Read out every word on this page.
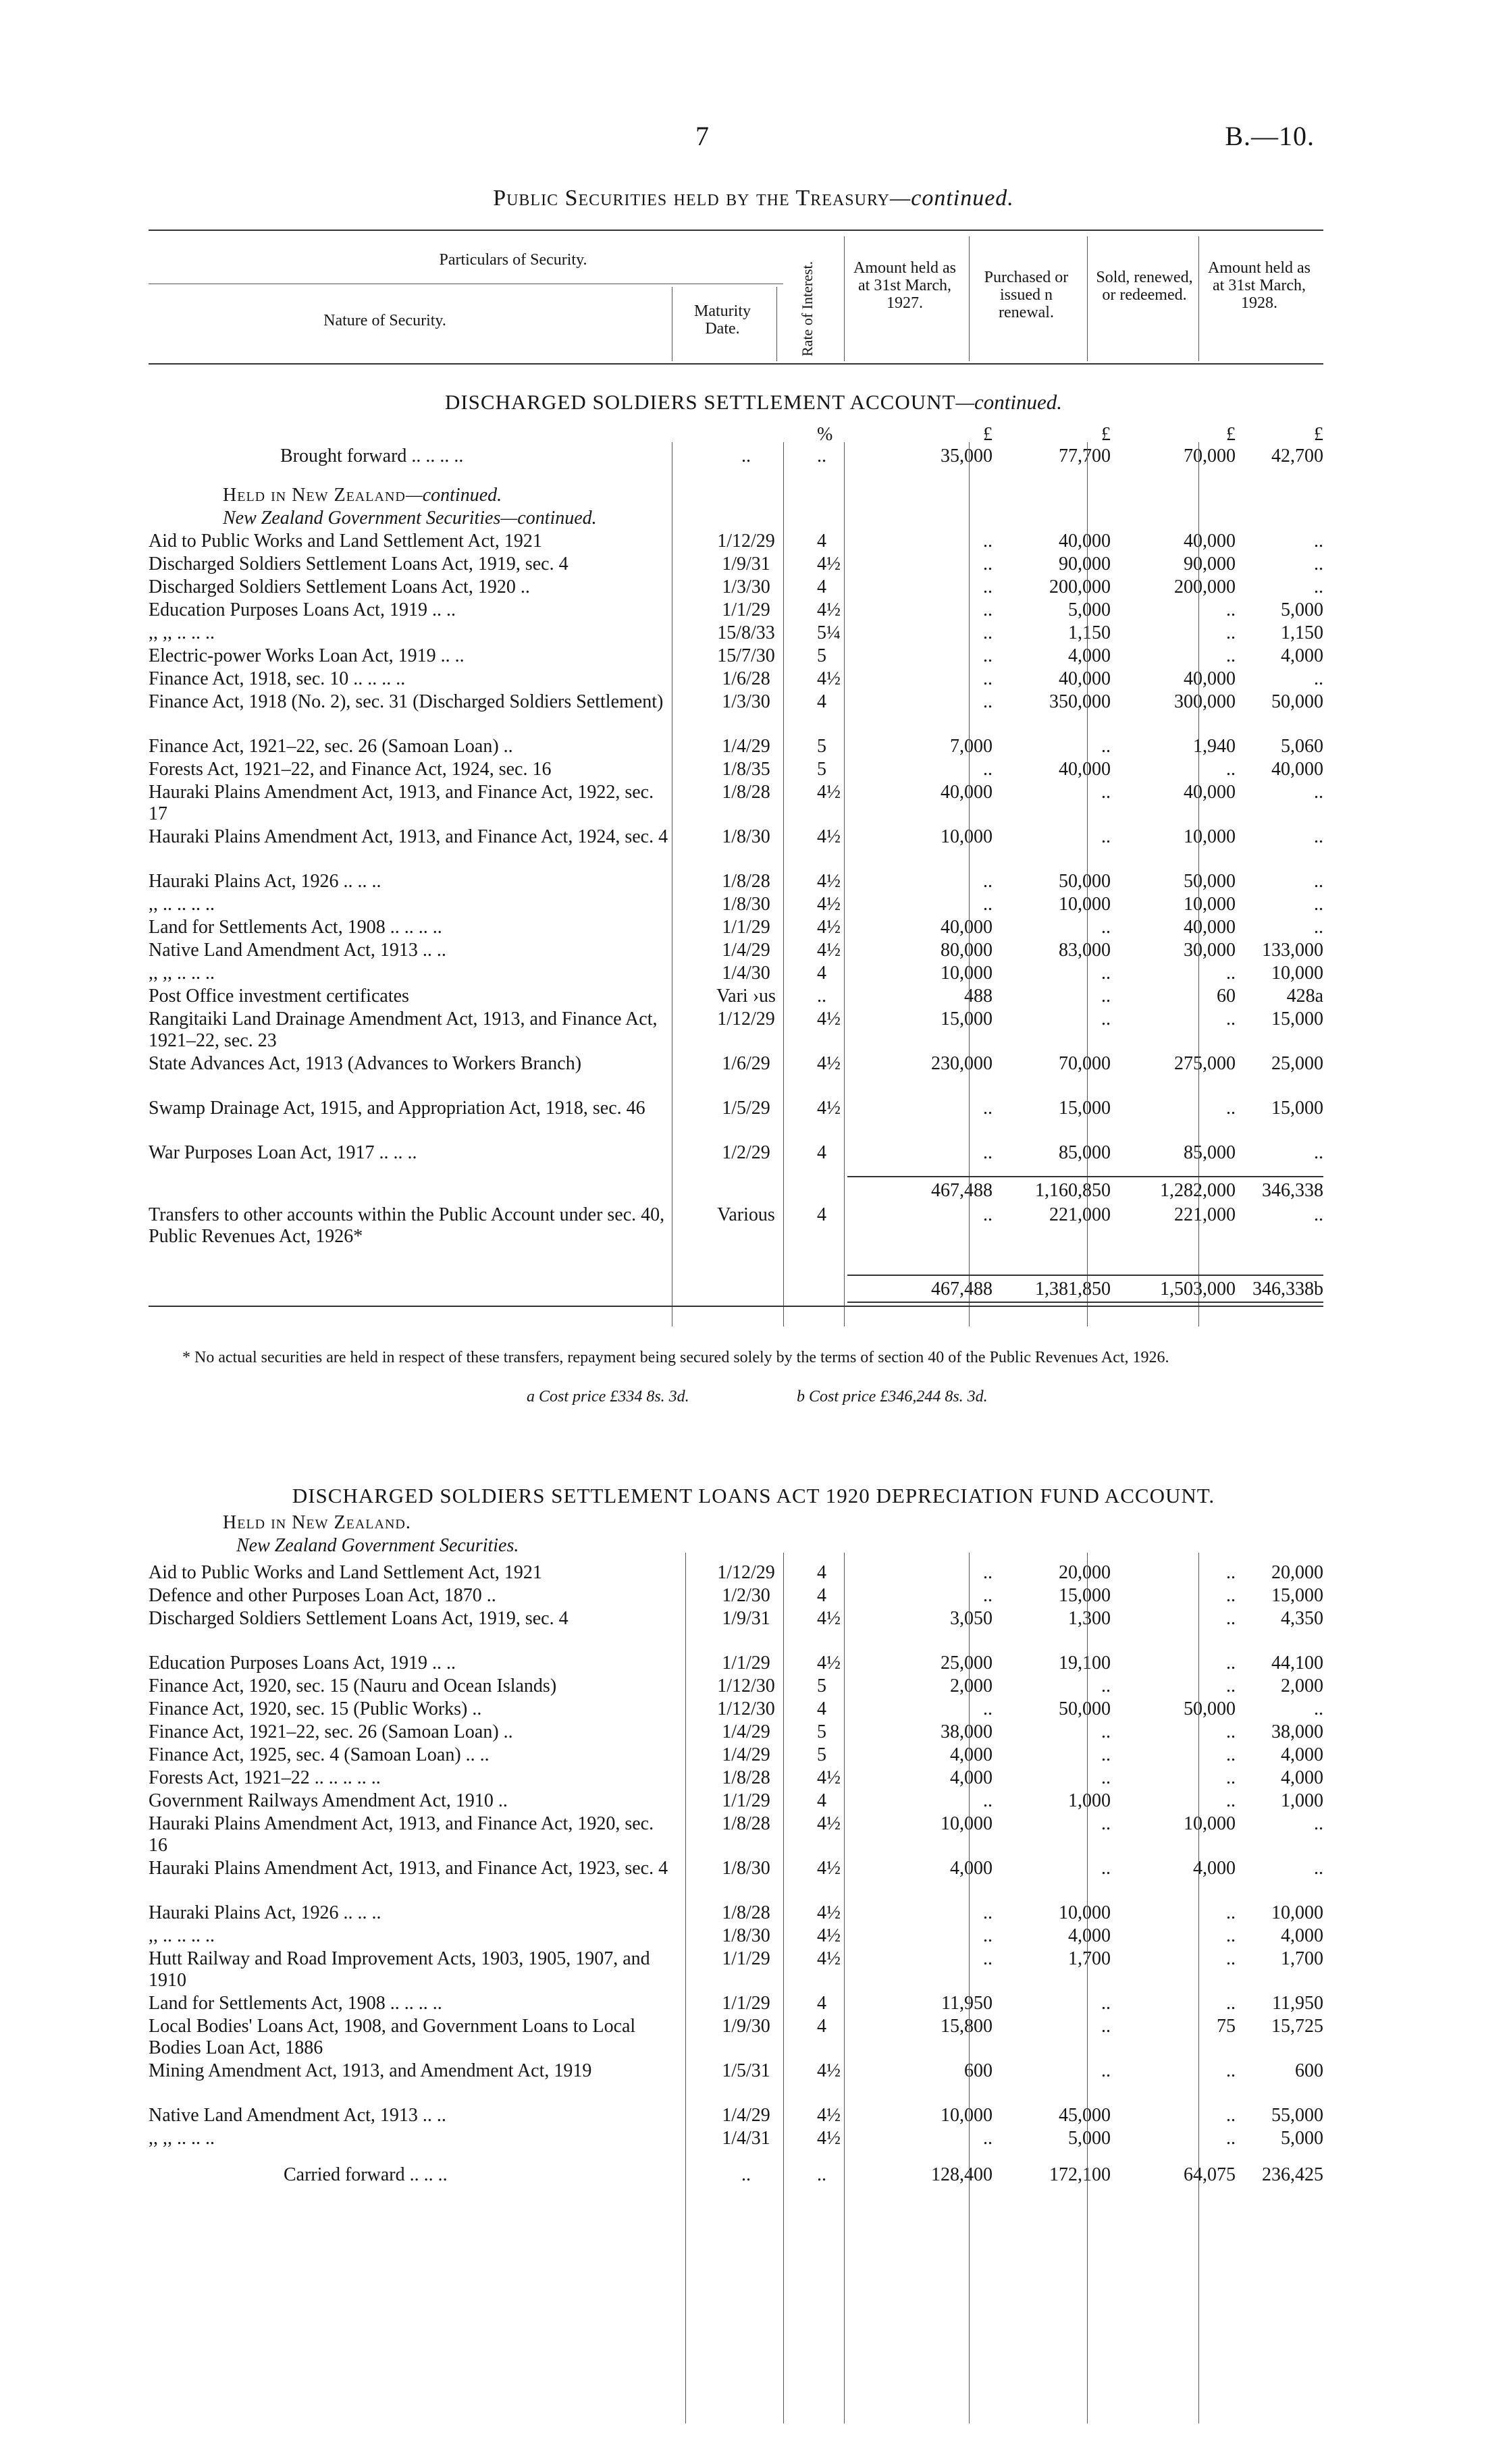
7	B.—10.
Public Securities held by the Treasury—continued.
Particulars of Security.
Nature of Security.
Maturity Date.	Rate of Interest.	Amount held as at 31st March, 1927.
Purchased or issued n renewal.
Sold, renewed, or redeemed.
Amount held as at 31st March, 1928.
DISCHARGED SOLDIERS SETTLEMENT ACCOUNT—continued.
%	£	£	£	£
Brought forward .. .. .. ..	..	..	35,000	77,700	70,000	42,700
Held in New Zealand—continued.
New Zealand Government Securities—continued.
Aid to Public Works and Land Settlement Act, 1921	1/12/29	4	..	40,000	40,000	..
Discharged Soldiers Settlement Loans Act, 1919, sec. 4	1/9/31	4½	..	90,000	90,000	..
Discharged Soldiers Settlement Loans Act, 1920 ..	1/3/30	4	..	200,000	200,000	..
Education Purposes Loans Act, 1919 .. ..	1/1/29	4½	..	5,000	..	5,000
,, ,, .. .. ..	15/8/33	5¼	..	1,150	..	1,150
Electric-power Works Loan Act, 1919 .. ..	15/7/30	5	..	4,000	..	4,000
Finance Act, 1918, sec. 10 .. .. .. ..	1/6/28	4½	..	40,000	40,000	..
Finance Act, 1918 (No. 2), sec. 31 (Discharged Soldiers Settlement)	1/3/30	4	..	350,000	300,000	50,000
Finance Act, 1921–22, sec. 26 (Samoan Loan) ..	1/4/29	5	7,000	..	1,940	5,060
Forests Act, 1921–22, and Finance Act, 1924, sec. 16	1/8/35	5	..	40,000	..	40,000
Hauraki Plains Amendment Act, 1913, and Finance Act, 1922, sec. 17
1/8/28	4½	40,000	..	40,000	..
Hauraki Plains Amendment Act, 1913, and Finance Act, 1924, sec. 4	1/8/30	4½	10,000	..	10,000	..
Hauraki Plains Act, 1926 .. .. ..	1/8/28	4½	..	50,000	50,000	..
,, .. .. .. ..	1/8/30	4½	..	10,000	10,000	..
Land for Settlements Act, 1908 .. .. .. ..	1/1/29	4½	40,000	..	40,000	..
Native Land Amendment Act, 1913 .. ..	1/4/29	4½	80,000	83,000	30,000	133,000
,, ,, .. .. ..	1/4/30	4	10,000	..	..	10,000
Post Office investment certificates	Vari ›us	..	488	..	60	428a
Rangitaiki Land Drainage Amendment Act, 1913, and Finance Act, 1921–22, sec. 23
1/12/29	4½	15,000	..	..	15,000
State Advances Act, 1913 (Advances to Workers Branch)	1/6/29	4½	230,000	70,000	275,000	25,000
Swamp Drainage Act, 1915, and Appropriation Act, 1918, sec. 46	1/5/29	4½	..	15,000	..	15,000
War Purposes Loan Act, 1917 .. .. ..	1/2/29	4	..	85,000	85,000	..
467,488	1,160,850	1,282,000	346,338
Transfers to other accounts within the Public Account under sec. 40, Public Revenues Act, 1926*
Various	4	..	221,000	221,000	..
467,488	1,381,850	1,503,000 346,338b
* No actual securities are held in respect of these transfers, repayment being secured solely by the terms of section 40 of the Public Revenues Act, 1926.
a Cost price £334 8s. 3d.	b Cost price £346,244 8s. 3d.
DISCHARGED SOLDIERS SETTLEMENT LOANS ACT 1920 DEPRECIATION FUND ACCOUNT.
Held in New Zealand.
New Zealand Government Securities.
Aid to Public Works and Land Settlement Act, 1921	1/12/29	4	..	20,000	..	20,000
Defence and other Purposes Loan Act, 1870 ..	1/2/30	4	..	15,000	..	15,000
Discharged Soldiers Settlement Loans Act, 1919, sec. 4	1/9/31	4½	3,050	1,300	..	4,350
Education Purposes Loans Act, 1919 .. ..	1/1/29	4½	25,000	19,100	..	44,100
Finance Act, 1920, sec. 15 (Nauru and Ocean Islands)	1/12/30	5	2,000	..	..	2,000
Finance Act, 1920, sec. 15 (Public Works) ..	1/12/30	4	..	50,000	50,000	..
Finance Act, 1921–22, sec. 26 (Samoan Loan) ..	1/4/29	5	38,000	..	..	38,000
Finance Act, 1925, sec. 4 (Samoan Loan) .. ..	1/4/29	5	4,000	..	..	4,000
Forests Act, 1921–22 .. .. .. .. ..	1/8/28	4½	4,000	..	..	4,000
Government Railways Amendment Act, 1910 ..	1/1/29	4	..	1,000	..	1,000
Hauraki Plains Amendment Act, 1913, and Finance Act, 1920, sec. 16
1/8/28	4½	10,000	..	10,000	..
Hauraki Plains Amendment Act, 1913, and Finance Act, 1923, sec. 4	1/8/30	4½	4,000	..	4,000	..
Hauraki Plains Act, 1926 .. .. ..	1/8/28	4½	..	10,000	..	10,000
,, .. .. .. ..	1/8/30	4½	..	4,000	..	4,000
Hutt Railway and Road Improvement Acts, 1903, 1905, 1907, and 1910
1/1/29	4½	..	1,700	..	1,700
Land for Settlements Act, 1908 .. .. .. ..	1/1/29	4	11,950	..	..	11,950
Local Bodies' Loans Act, 1908, and Government Loans to Local Bodies Loan Act, 1886
1/9/30	4	15,800	..	75	15,725
Mining Amendment Act, 1913, and Amendment Act, 1919	1/5/31	4½	600	..	..	600
Native Land Amendment Act, 1913 .. ..	1/4/29	4½	10,000	45,000	..	55,000
,, ,, .. .. ..	1/4/31	4½	..	5,000	..	5,000
Carried forward .. .. ..	..	..	128,400	172,100	64,075	236,425
